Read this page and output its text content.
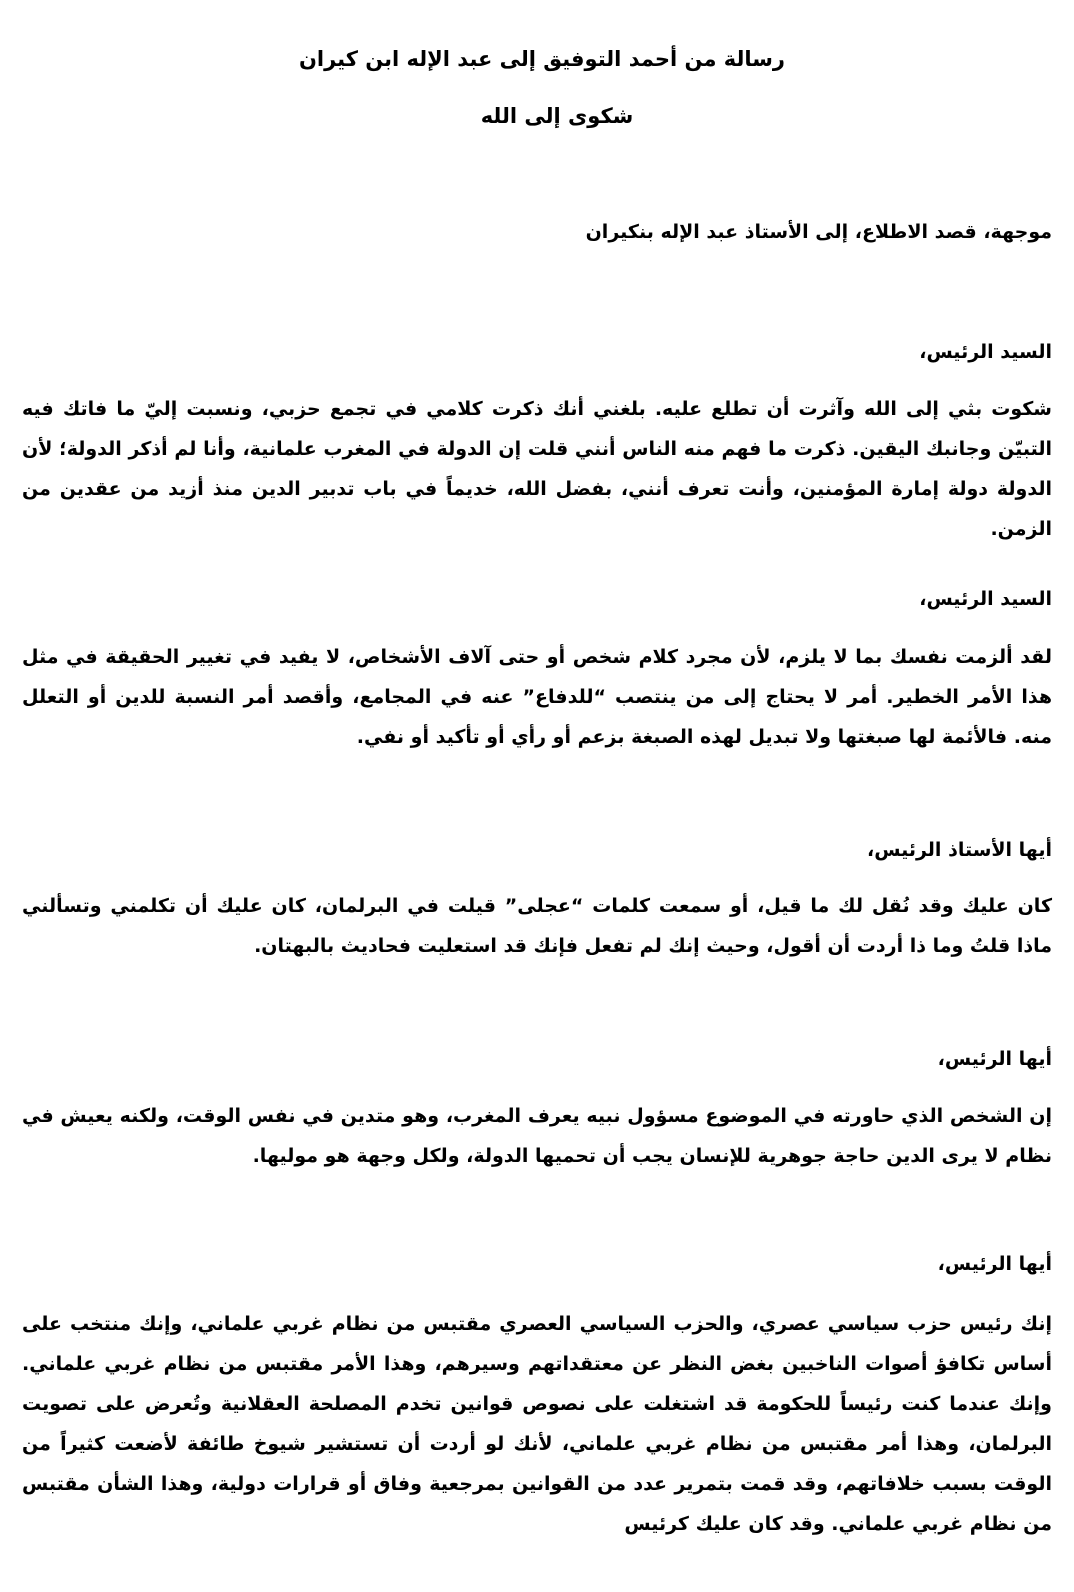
رسالة من أحمد التوفيق إلى عبد الإله ابن كيران
شكوى إلى الله

موجهة، قصد الاطلاع، إلى الأستاذ عبد الإله بنكيران

السيد الرئيس،

شكوت بثي إلى الله وآثرت أن تطلع عليه. بلغني أنك ذكرت كلامي في تجمع حزبي، ونسبت إليّ ما فاتك فيه التبيّن وجانبك اليقين. ذكرت ما فهم منه الناس أنني قلت إن الدولة في المغرب علمانية، وأنا لم أذكر الدولة؛ لأن الدولة دولة إمارة المؤمنين، وأنت تعرف أنني، بفضل الله، خديماً في باب تدبير الدين منذ أزيد من عقدين من الزمن.

السيد الرئيس،

لقد ألزمت نفسك بما لا يلزم، لأن مجرد كلام شخص أو حتى آلاف الأشخاص، لا يفيد في تغيير الحقيقة في مثل هذا الأمر الخطير. أمر لا يحتاج إلى من ينتصب “للدفاع” عنه في المجامع، وأقصد أمر النسبة للدين أو التعلل منه. فالأئمة لها صبغتها ولا تبديل لهذه الصبغة بزعم أو رأي أو تأكيد أو نفي.

أيها الأستاذ الرئيس،

كان عليك وقد نُقل لك ما قيل، أو سمعت كلمات “عجلى” قيلت في البرلمان، كان عليك أن تكلمني وتسألني ماذا قلتُ وما ذا أردت أن أقول، وحيث إنك لم تفعل فإنك قد استعليت فحاديث بالبهتان.

أيها الرئيس،

إن الشخص الذي حاورته في الموضوع مسؤول نبيه يعرف المغرب، وهو متدين في نفس الوقت، ولكنه يعيش في نظام لا يرى الدين حاجة جوهرية للإنسان يجب أن تحميها الدولة، ولكل وجهة هو موليها.

أيها الرئيس،

إنك رئيس حزب سياسي عصري، والحزب السياسي العصري مقتبس من نظام غربي علماني، وإنك منتخب على أساس تكافؤ أصوات الناخبين بغض النظر عن معتقداتهم وسيرهم، وهذا الأمر مقتبس من نظام غربي علماني. وإنك عندما كنت رئيساً للحكومة قد اشتغلت على نصوص قوانين تخدم المصلحة العقلانية وتُعرض على تصويت البرلمان، وهذا أمر مقتبس من نظام غربي علماني، لأنك لو أردت أن تستشير شيوخ طائفة لأضعت كثيراً من الوقت بسبب خلافاتهم، وقد قمت بتمرير عدد من القوانين بمرجعية وفاق أو قرارات دولية، وهذا الشأن مقتبس من نظام غربي علماني. وقد كان عليك كرئيس
